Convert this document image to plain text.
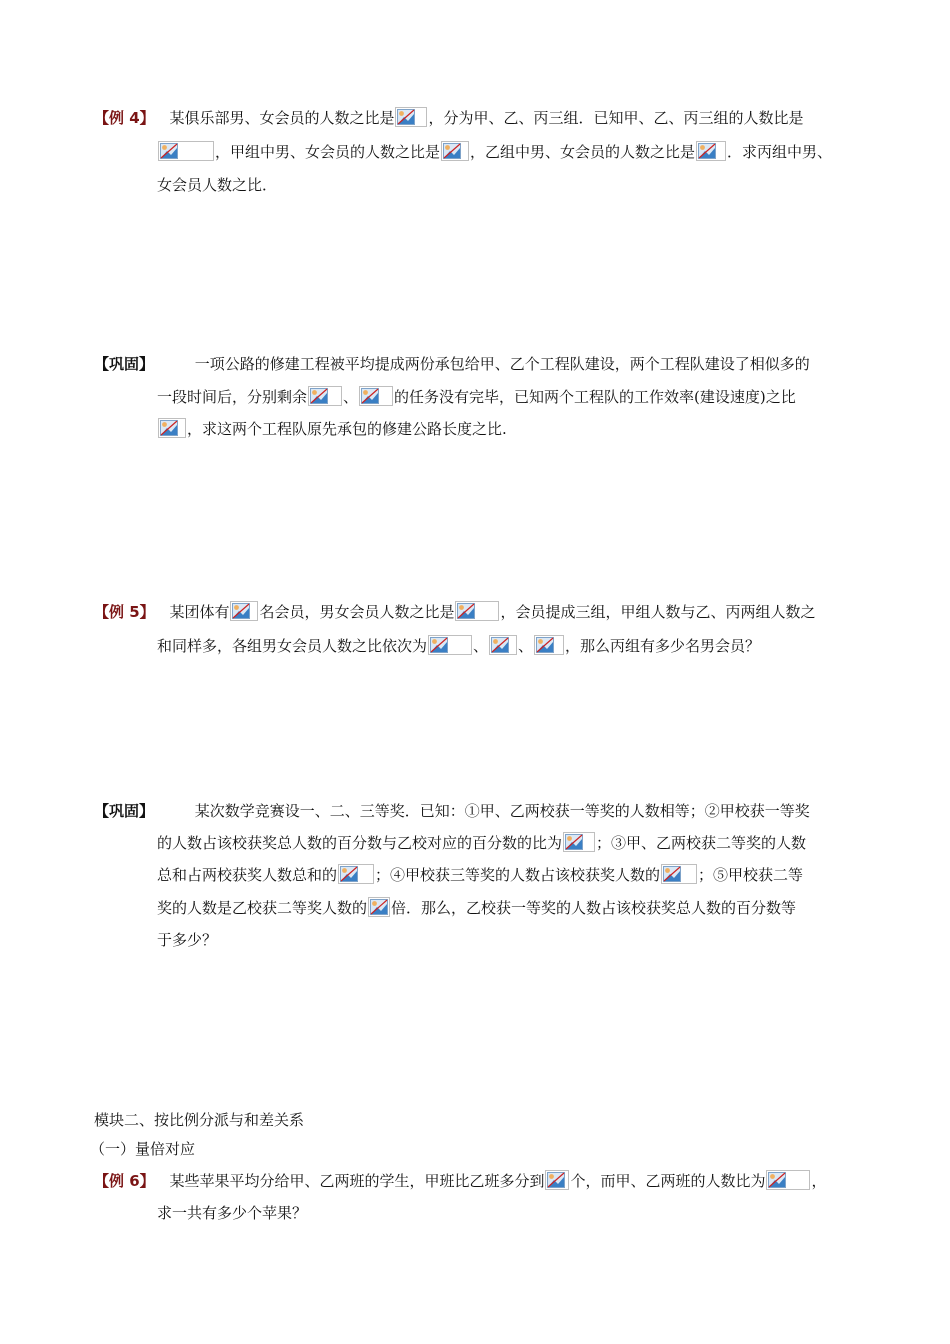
【例 4】 某俱乐部男、女会员的人数之比是 ，分为甲、乙、丙三组．已知甲、乙、丙三组的人数比是
，甲组中男、女会员的人数之比是 ，乙组中男、女会员的人数之比是 ．求丙组中男、
女会员人数之比．
【巩固】	一项公路的修建工程被平均提成两份承包给甲、乙个工程队建设，两个工程队建设了相似多的
一段时间后，分别剩余 、 的任务没有完毕，已知两个工程队的工作效率(建设速度)之比
，求这两个工程队原先承包的修建公路长度之比.
【例 5】 某团体有 名会员，男女会员人数之比是	，会员提成三组，甲组人数与乙、丙两组人数之
和同样多，各组男女会员人数之比依次为	、 、 ，那么丙组有多少名男会员？
【巩固】	某次数学竞赛设一、二、三等奖．已知：①甲、乙两校获一等奖的人数相等；②甲校获一等奖
的人数占该校获奖总人数的百分数与乙校对应的百分数的比为 ；③甲、乙两校获二等奖的人数
总和占两校获奖人数总和的	；④甲校获三等奖的人数占该校获奖人数的	；⑤甲校获二等
奖的人数是乙校获二等奖人数的 倍．那么，乙校获一等奖的人数占该校获奖总人数的百分数等
于多少？
模块二、按比例分派与和差关系
（一）量倍对应
【例 6】 某些苹果平均分给甲、乙两班的学生，甲班比乙班多分到 个，而甲、乙两班的人数比为	，
求一共有多少个苹果？
